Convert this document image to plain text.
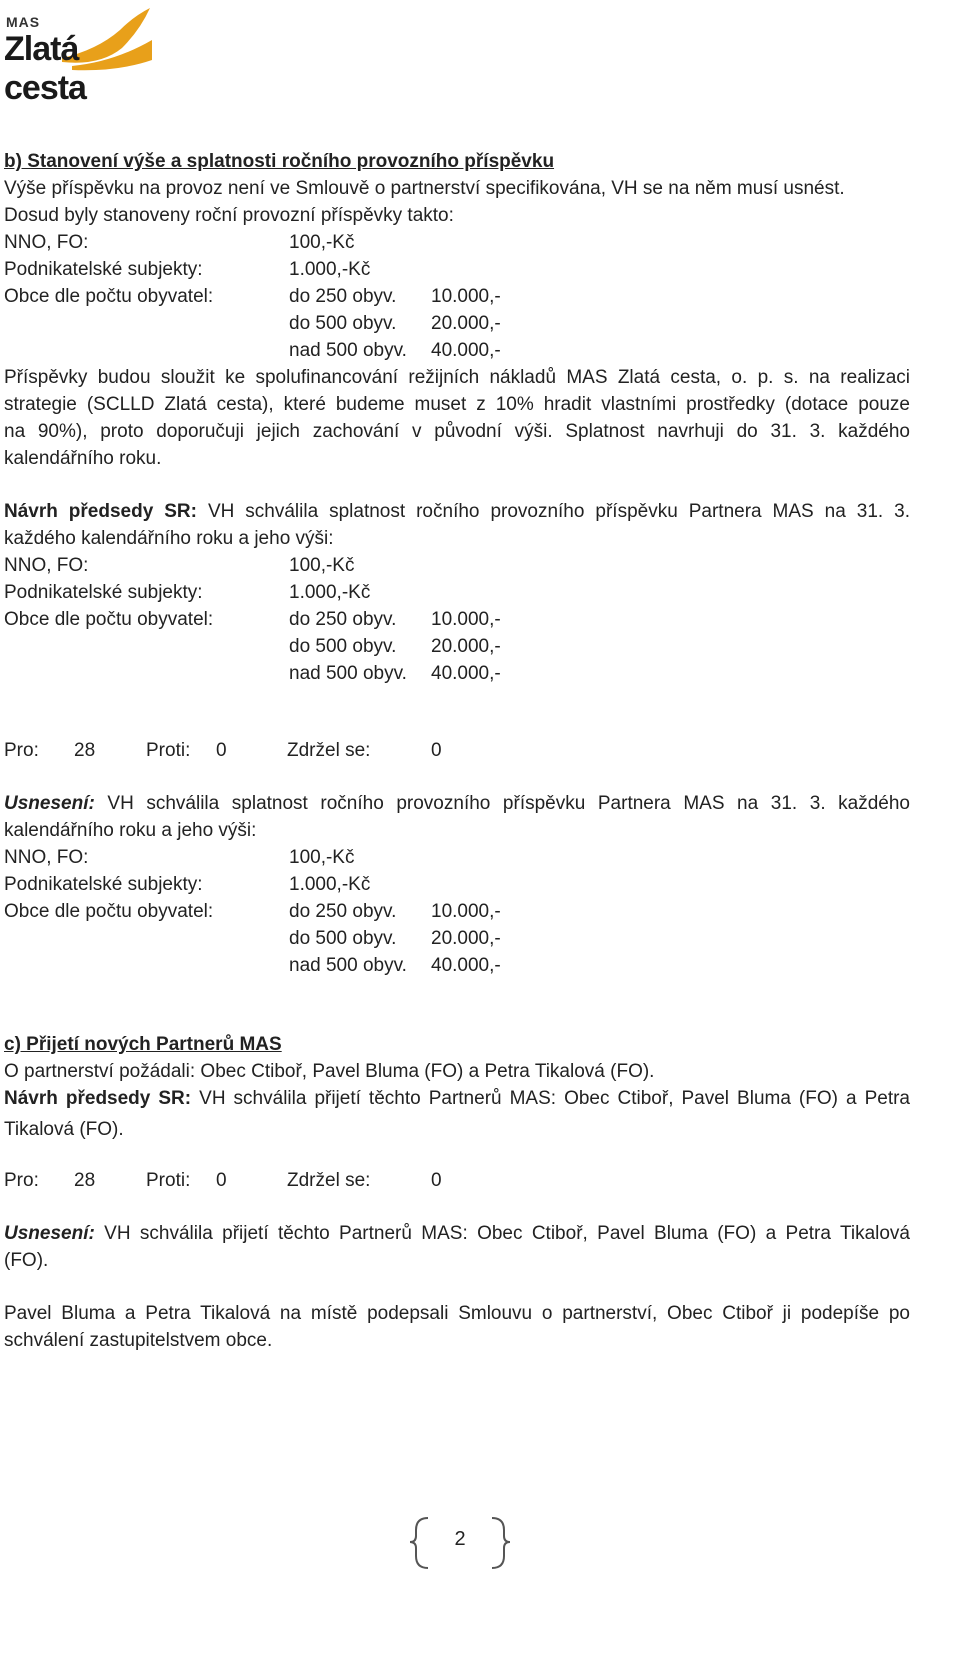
MAS
Zlatá cesta
b) Stanovení výše a splatnosti ročního provozního příspěvku
Výše příspěvku na provoz není ve Smlouvě o partnerství specifikována, VH se na něm musí usnést.
Dosud byly stanoveny roční provozní příspěvky takto:
NNO, FO:	100,-Kč
Podnikatelské subjekty:	1.000,-Kč
Obce dle počtu obyvatel:	do 250 obyv. 10.000,-
do 500 obyv. 20.000,-
nad 500 obyv. 40.000,-
Příspěvky budou sloužit ke spolufinancování režijních nákladů MAS Zlatá cesta, o. p. s. na realizaci
strategie (SCLLD Zlatá cesta), které budeme muset z 10% hradit vlastními prostředky (dotace pouze
na 90%), proto doporučuji jejich zachování v původní výši. Splatnost navrhuji do 31. 3. každého
kalendářního roku.
Návrh předsedy SR: VH schválila splatnost ročního provozního příspěvku Partnera MAS na 31. 3.
každého kalendářního roku a jeho výši:
NNO, FO:	100,-Kč
Podnikatelské subjekty:	1.000,-Kč
Obce dle počtu obyvatel:	do 250 obyv. 10.000,-
do 500 obyv. 20.000,-
nad 500 obyv. 40.000,-
Pro: 28	Proti: 0	Zdržel se:	0
Usnesení: VH schválila splatnost ročního provozního příspěvku Partnera MAS na 31. 3. každého
kalendářního roku a jeho výši:
NNO, FO:	100,-Kč
Podnikatelské subjekty:	1.000,-Kč
Obce dle počtu obyvatel:	do 250 obyv. 10.000,-
do 500 obyv. 20.000,-
nad 500 obyv. 40.000,-
c) Přijetí nových Partnerů MAS
O partnerství požádali: Obec Ctiboř, Pavel Bluma (FO) a Petra Tikalová (FO).
Návrh předsedy SR: VH schválila přijetí těchto Partnerů MAS: Obec Ctiboř, Pavel Bluma (FO) a Petra
Tikalová (FO).
Pro: 28	Proti: 0	Zdržel se:	0
Usnesení: VH schválila přijetí těchto Partnerů MAS: Obec Ctiboř, Pavel Bluma (FO) a Petra Tikalová
(FO).
Pavel Bluma a Petra Tikalová na místě podepsali Smlouvu o partnerství, Obec Ctiboř ji podepíše po
schválení zastupitelstvem obce.
2
